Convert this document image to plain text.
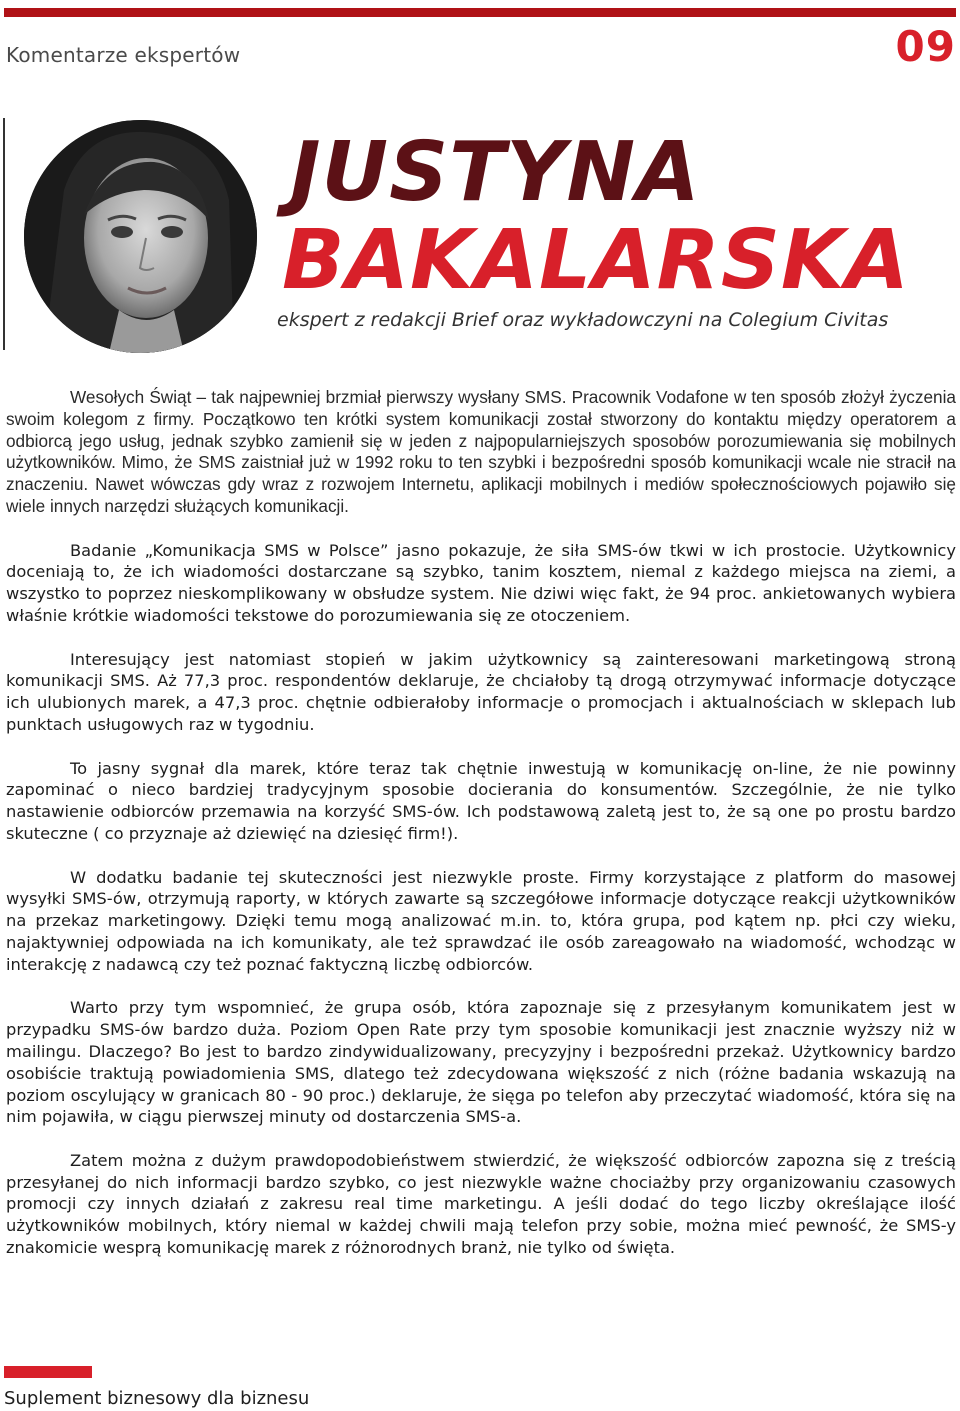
Komentarze ekspertów	09
JUSTYNA
BAKALARSKA
ekspert z redakcji Brief oraz wykładowczyni na Colegium Civitas

Wesołych Świąt – tak najpewniej brzmiał pierwszy wysłany SMS. Pracownik Vodafone w ten sposób złożył życzenia swoim kolegom z firmy. Początkowo ten krótki system komunikacji został stworzony do kontaktu między operatorem a odbiorcą jego usług, jednak szybko zamienił się w jeden z najpopularniejszych sposobów porozumiewania się mobilnych użytkowników. Mimo, że SMS zaistniał już w 1992 roku to ten szybki i bezpośredni sposób komunikacji wcale nie stracił na znaczeniu. Nawet wówczas gdy wraz z rozwojem Internetu, aplikacji mobilnych i mediów społecznościowych pojawiło się wiele innych narzędzi służących komunikacji.

Badanie „Komunikacja SMS w Polsce” jasno pokazuje, że siła SMS-ów tkwi w ich prostocie. Użytkownicy doceniają to, że ich wiadomości dostarczane są szybko, tanim kosztem, niemal z każdego miejsca na ziemi, a wszystko to poprzez nieskomplikowany w obsłudze system. Nie dziwi więc fakt, że 94 proc. ankietowanych wybiera właśnie krótkie wiadomości tekstowe do porozumiewania się ze otoczeniem.

Interesujący jest natomiast stopień w jakim użytkownicy są zainteresowani marketingową stroną komunikacji SMS. Aż 77,3 proc. respondentów deklaruje, że chciałoby tą drogą otrzymywać informacje dotyczące ich ulubionych marek, a 47,3 proc. chętnie odbierałoby informacje o promocjach i aktualnościach w sklepach lub punktach usługowych raz w tygodniu.

To jasny sygnał dla marek, które teraz tak chętnie inwestują w komunikację on-line, że nie powinny zapominać o nieco bardziej tradycyjnym sposobie docierania do konsumentów. Szczególnie, że nie tylko nastawienie odbiorców przemawia na korzyść SMS-ów. Ich podstawową zaletą jest to, że są one po prostu bardzo skuteczne ( co przyznaje aż dziewięć na dziesięć firm!).

W dodatku badanie tej skuteczności jest niezwykle proste. Firmy korzystające z platform do masowej wysyłki SMS-ów, otrzymują raporty, w których zawarte są szczegółowe informacje dotyczące reakcji użytkowników na przekaz marketingowy. Dzięki temu mogą analizować m.in. to, która grupa, pod kątem np. płci czy wieku, najaktywniej odpowiada na ich komunikaty, ale też sprawdzać ile osób zareagowało na wiadomość, wchodząc w interakcję z nadawcą czy też poznać faktyczną liczbę odbiorców.

Warto przy tym wspomnieć, że grupa osób, która zapoznaje się z przesyłanym komunikatem jest w przypadku SMS-ów bardzo duża. Poziom Open Rate przy tym sposobie komunikacji jest znacznie wyższy niż w mailingu. Dlaczego? Bo jest to bardzo zindywidualizowany, precyzyjny i bezpośredni przekaż. Użytkownicy bardzo osobiście traktują powiadomienia SMS, dlatego też zdecydowana większość z nich (różne badania wskazują na poziom oscylujący w granicach 80 - 90 proc.) deklaruje, że sięga po telefon aby przeczytać wiadomość, która się na nim pojawiła, w ciągu pierwszej minuty od dostarczenia SMS-a.

Zatem można z dużym prawdopodobieństwem stwierdzić, że większość odbiorców zapozna się z treścią przesyłanej do nich informacji bardzo szybko, co jest niezwykle ważne chociażby przy organizowaniu czasowych promocji czy innych działań z zakresu real time marketingu. A jeśli dodać do tego liczby określające ilość użytkowników mobilnych, który niemal w każdej chwili mają telefon przy sobie, można mieć pewność, że SMS-y znakomicie wesprą komunikację marek z różnorodnych branż, nie tylko od święta.

Suplement biznesowy dla biznesu
